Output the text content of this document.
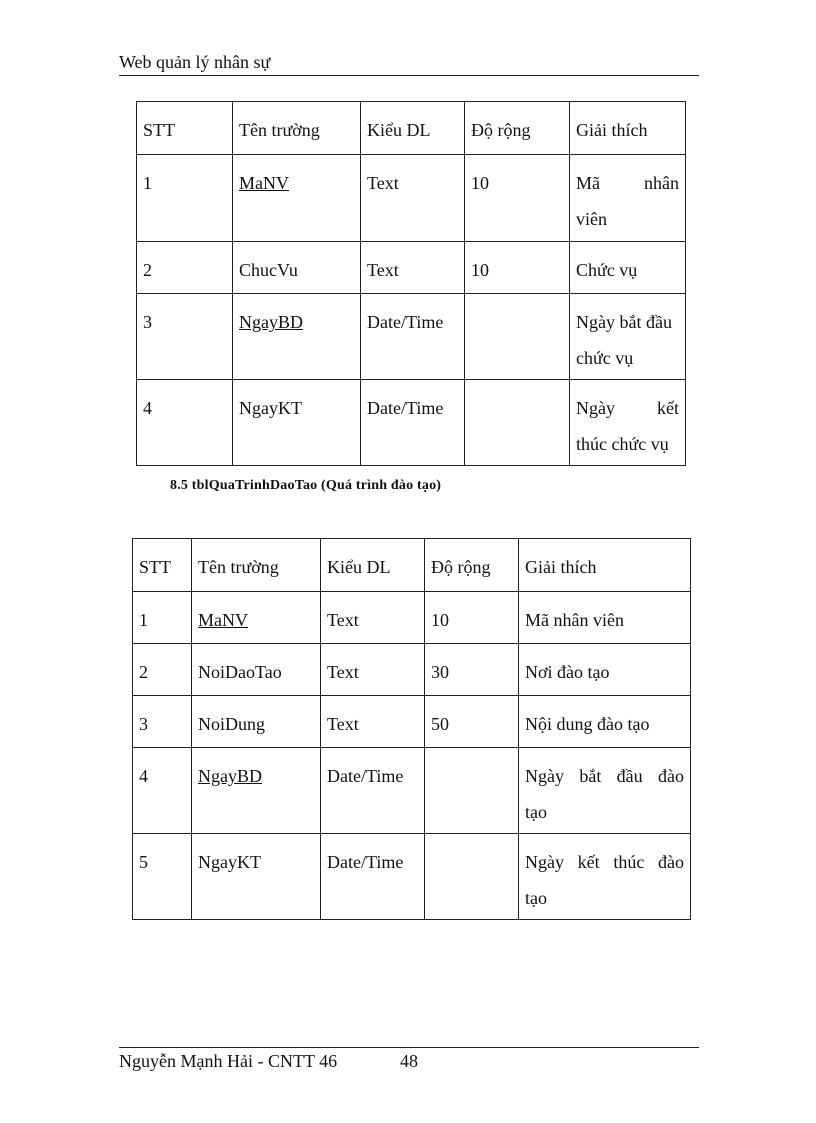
Web quản lý nhân sự
STT	Tên trường	Kiểu DL	Độ rộng	Giải thích
1	MaNV	Text	10	Mã nhân
viên

2	ChucVu	Text	10	Chức vụ
3	NgayBD	Date/Time		Ngày bắt đầu
chức vụ

4	NgayKT	Date/Time		Ngày kết
thúc chức vụ
8.5 tblQuaTrinhDaoTao (Quá trình đào tạo)
STT	Tên trường	Kiểu DL	Độ rộng	Giải thích
1	MaNV	Text	10	Mã nhân viên
2	NoiDaoTao	Text	30	Nơi đào tạo
3	NoiDung	Text	50	Nội dung đào tạo
4	NgayBD	Date/Time		Ngày bắt đầu đào
tạo

5	NgayKT	Date/Time		Ngày kết thúc đào
tạo
Nguyễn Mạnh Hải - CNTT 46	48
